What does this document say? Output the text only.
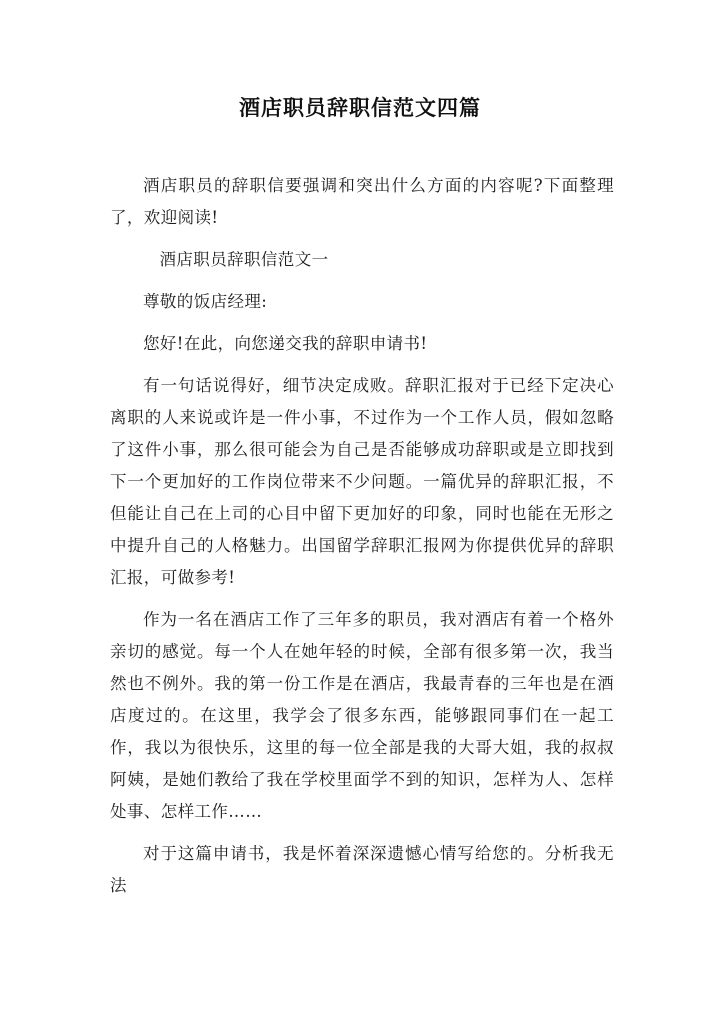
酒店职员辞职信范文四篇

酒店职员的辞职信要强调和突出什么方面的内容呢?下面整理了，欢迎阅读!

酒店职员辞职信范文一

尊敬的饭店经理:

您好!在此，向您递交我的辞职申请书!

有一句话说得好，细节决定成败。辞职汇报对于已经下定决心离职的人来说或许是一件小事，不过作为一个工作人员，假如忽略了这件小事，那么很可能会为自己是否能够成功辞职或是立即找到下一个更加好的工作岗位带来不少问题。一篇优异的辞职汇报，不但能让自己在上司的心目中留下更加好的印象，同时也能在无形之中提升自己的人格魅力。出国留学辞职汇报网为你提供优异的辞职汇报，可做参考!

作为一名在酒店工作了三年多的职员，我对酒店有着一个格外亲切的感觉。每一个人在她年轻的时候，全部有很多第一次，我当然也不例外。我的第一份工作是在酒店，我最青春的三年也是在酒店度过的。在这里，我学会了很多东西，能够跟同事们在一起工作，我以为很快乐，这里的每一位全部是我的大哥大姐，我的叔叔阿姨，是她们教给了我在学校里面学不到的知识，怎样为人、怎样处事、怎样工作……

对于这篇申请书，我是怀着深深遗憾心情写给您的。分析我无法
